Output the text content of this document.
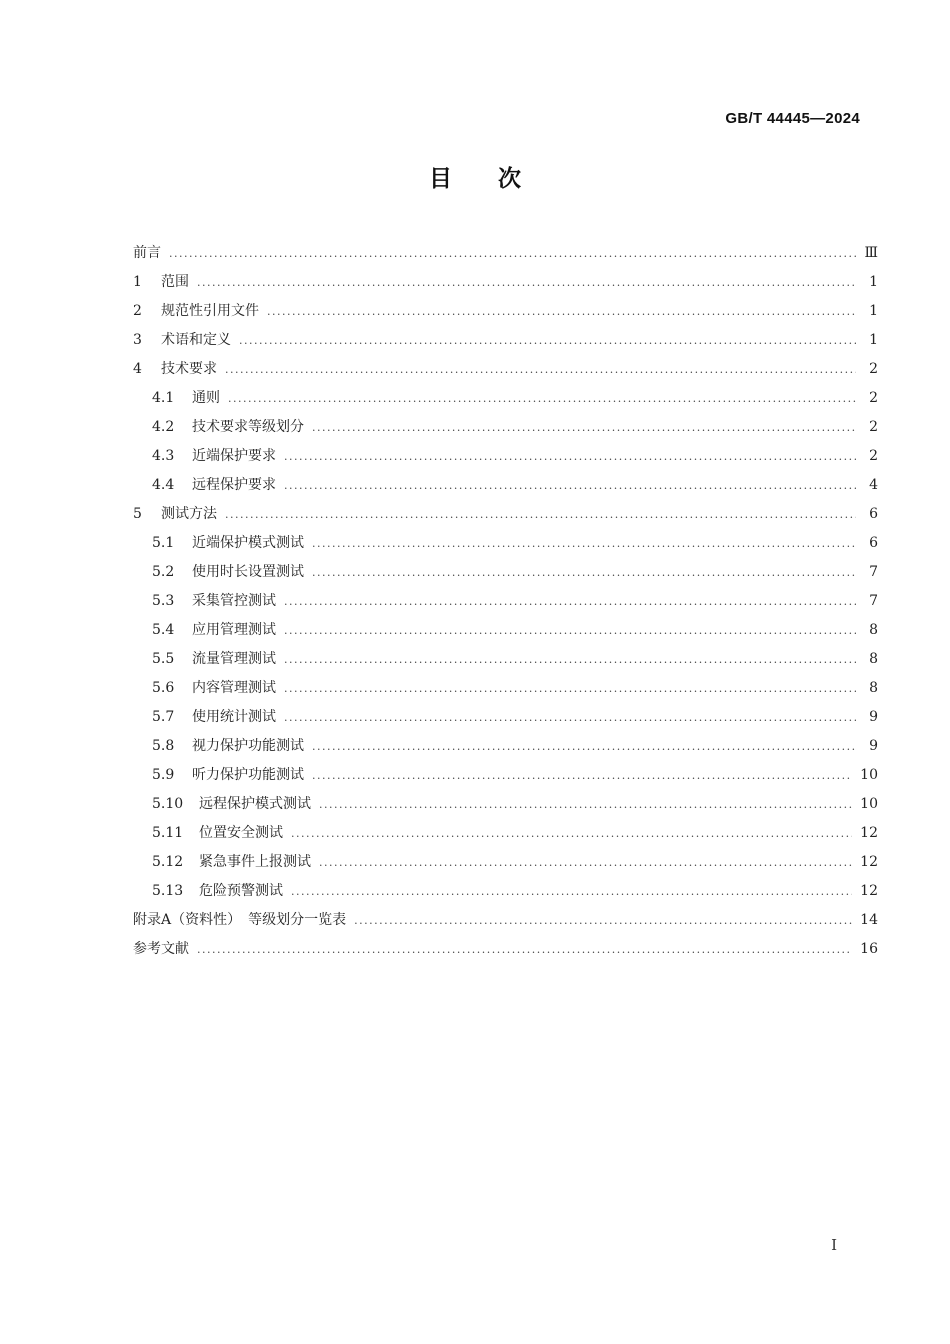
GB/T 44445—2024
目　　次
前言 .....	Ⅲ
1	范围 .....	1
2	规范性引用文件 .....	1
3	术语和定义 .....	1
4	技术要求 .....	2
4.1	通则 .....	2
4.2	技术要求等级划分 .....	2
4.3	近端保护要求 .....	2
4.4	远程保护要求 .....	4
5	测试方法 .....	6
5.1	近端保护模式测试 .....	6
5.2	使用时长设置测试 .....	7
5.3	采集管控测试 .....	7
5.4	应用管理测试 .....	8
5.5	流量管理测试 .....	8
5.6	内容管理测试 .....	8
5.7	使用统计测试 .....	9
5.8	视力保护功能测试 .....	9
5.9	听力保护功能测试 .....	10
5.10	远程保护模式测试 .....	10
5.11	位置安全测试 .....	12
5.12	紧急事件上报测试 .....	12
5.13	危险预警测试 .....	12
附录A（资料性）　等级划分一览表 .....	14
参考文献 .....	16
Ⅰ
